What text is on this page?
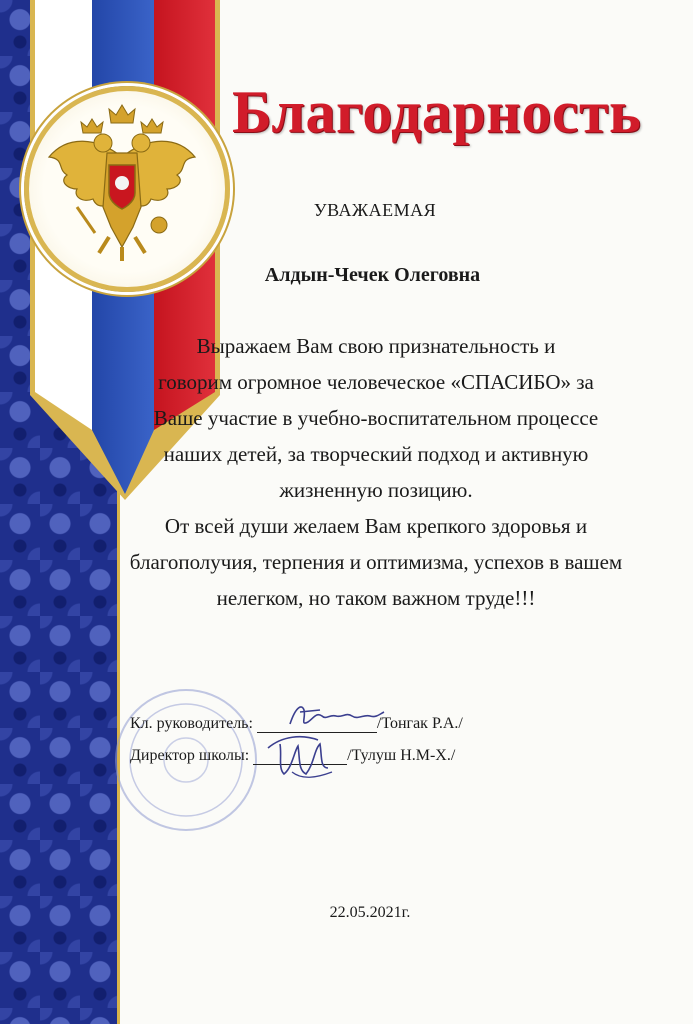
Благодарность
УВАЖАЕМАЯ
Алдын-Чечек Олеговна

Выражаем Вам свою признательность и

говорим огромное человеческое «СПАСИБО» за

Ваше участие в учебно-воспитательном процессе

наших детей, за творческий подход и активную

жизненную позицию.

От всей души желаем Вам крепкого здоровья и

благополучия, терпения и оптимизма, успехов в вашем

нелегком, но таком важном труде!!!

Кл. руководитель:	/Тонгак Р.А./
Директор школы:	/Тулуш Н.М-Х./
22.05.2021г.
